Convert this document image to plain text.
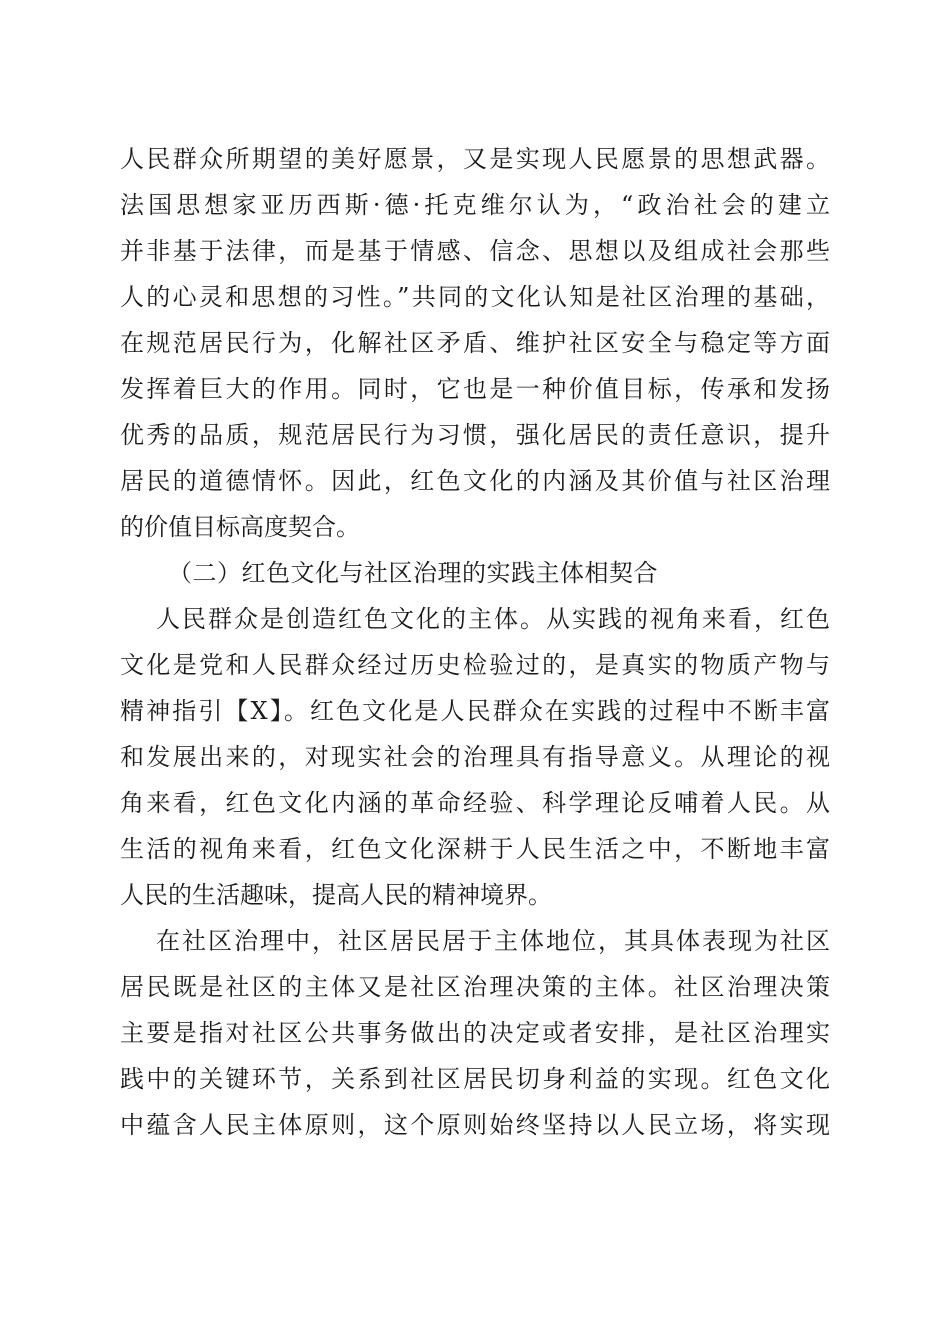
人民群众所期望的美好愿景，又是实现人民愿景的思想武器。
法国思想家亚历西斯·德·托克维尔认为，“政治社会的建立
并非基于法律，而是基于情感、信念、思想以及组成社会那些
人的心灵和思想的习性。”共同的文化认知是社区治理的基础，
在规范居民行为，化解社区矛盾、维护社区安全与稳定等方面
发挥着巨大的作用。同时，它也是一种价值目标，传承和发扬
优秀的品质，规范居民行为习惯，强化居民的责任意识，提升
居民的道德情怀。因此，红色文化的内涵及其价值与社区治理
的价值目标高度契合。
（二）红色文化与社区治理的实践主体相契合
人民群众是创造红色文化的主体。从实践的视角来看，红色
文化是党和人民群众经过历史检验过的，是真实的物质产物与
精神指引【X】。红色文化是人民群众在实践的过程中不断丰富
和发展出来的，对现实社会的治理具有指导意义。从理论的视
角来看，红色文化内涵的革命经验、科学理论反哺着人民。从
生活的视角来看，红色文化深耕于人民生活之中，不断地丰富
人民的生活趣味，提高人民的精神境界。
在社区治理中，社区居民居于主体地位，其具体表现为社区
居民既是社区的主体又是社区治理决策的主体。社区治理决策
主要是指对社区公共事务做出的决定或者安排，是社区治理实
践中的关键环节，关系到社区居民切身利益的实现。红色文化
中蕴含人民主体原则，这个原则始终坚持以人民立场，将实现
